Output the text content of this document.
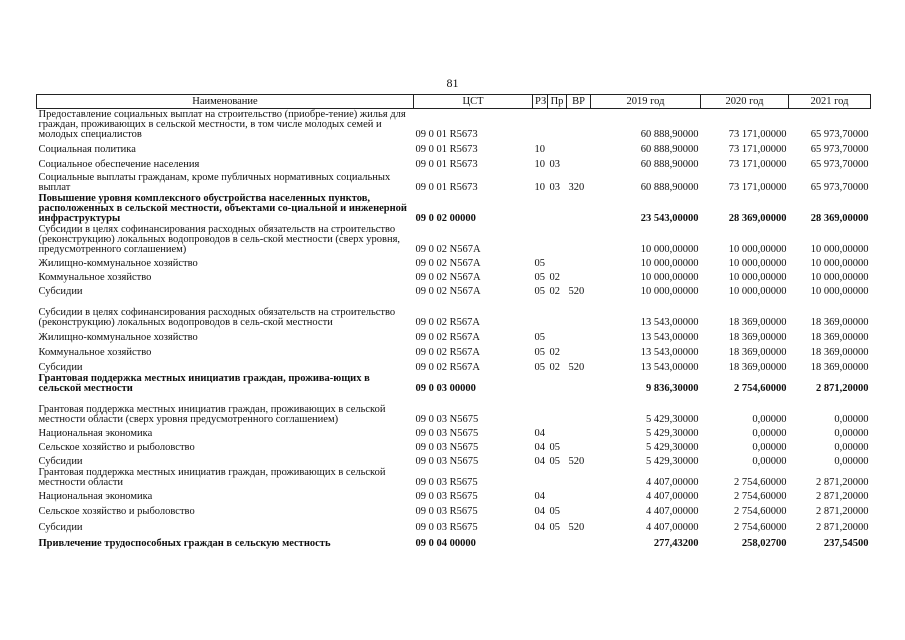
81
Наименование	ЦСТ	РЗ	Пр	ВР	2019 год	2020 год	2021 год
Предоставление социальных выплат на строительство (приобре-тение) жилья для граждан, проживающих в сельской местности, в том числе молодых семей и молодых специалистов	09 0 01 R5673				60 888,90000	73 171,00000	65 973,70000
Социальная политика	09 0 01 R5673	10			60 888,90000	73 171,00000	65 973,70000
Социальное обеспечение населения	09 0 01 R5673	10	03		60 888,90000	73 171,00000	65 973,70000
Социальные выплаты гражданам, кроме публичных нормативных социальных выплат	09 0 01 R5673	10	03	320	60 888,90000	73 171,00000	65 973,70000
Повышение уровня комплексного обустройства населенных пунктов, расположенных в сельской местности, объектами со-циальной и инженерной инфраструктуры	09 0 02 00000				23 543,00000	28 369,00000	28 369,00000
Субсидии в целях софинансирования расходных обязательств на строительство (реконструкцию) локальных водопроводов в сель-ской местности (сверх уровня, предусмотренного соглашением)	09 0 02 N567A				10 000,00000	10 000,00000	10 000,00000
Жилищно-коммунальное хозяйство	09 0 02 N567A	05			10 000,00000	10 000,00000	10 000,00000
Коммунальное хозяйство	09 0 02 N567A	05	02		10 000,00000	10 000,00000	10 000,00000
Субсидии	09 0 02 N567A	05	02	520	10 000,00000	10 000,00000	10 000,00000
Субсидии в целях софинансирования расходных обязательств на строительство (реконструкцию) локальных водопроводов в сель-ской местности	09 0 02 R567A				13 543,00000	18 369,00000	18 369,00000
Жилищно-коммунальное хозяйство	09 0 02 R567A	05			13 543,00000	18 369,00000	18 369,00000
Коммунальное хозяйство	09 0 02 R567A	05	02		13 543,00000	18 369,00000	18 369,00000
Субсидии	09 0 02 R567A	05	02	520	13 543,00000	18 369,00000	18 369,00000
Грантовая поддержка местных инициатив граждан, прожива-ющих в сельской местности	09 0 03 00000				9 836,30000	2 754,60000	2 871,20000
Грантовая поддержка местных инициатив граждан, проживающих в сельской местности области (сверх уровня предусмотренного соглашением)	09 0 03 N5675				5 429,30000	0,00000	0,00000
Национальная экономика	09 0 03 N5675	04			5 429,30000	0,00000	0,00000
Сельское хозяйство и рыболовство	09 0 03 N5675	04	05		5 429,30000	0,00000	0,00000
Субсидии	09 0 03 N5675	04	05	520	5 429,30000	0,00000	0,00000
Грантовая поддержка местных инициатив граждан, проживающих в сельской местности области	09 0 03 R5675				4 407,00000	2 754,60000	2 871,20000
Национальная экономика	09 0 03 R5675	04			4 407,00000	2 754,60000	2 871,20000
Сельское хозяйство и рыболовство	09 0 03 R5675	04	05		4 407,00000	2 754,60000	2 871,20000
Субсидии	09 0 03 R5675	04	05	520	4 407,00000	2 754,60000	2 871,20000
Привлечение трудоспособных граждан в сельскую местность	09 0 04 00000				277,43200	258,02700	237,54500
